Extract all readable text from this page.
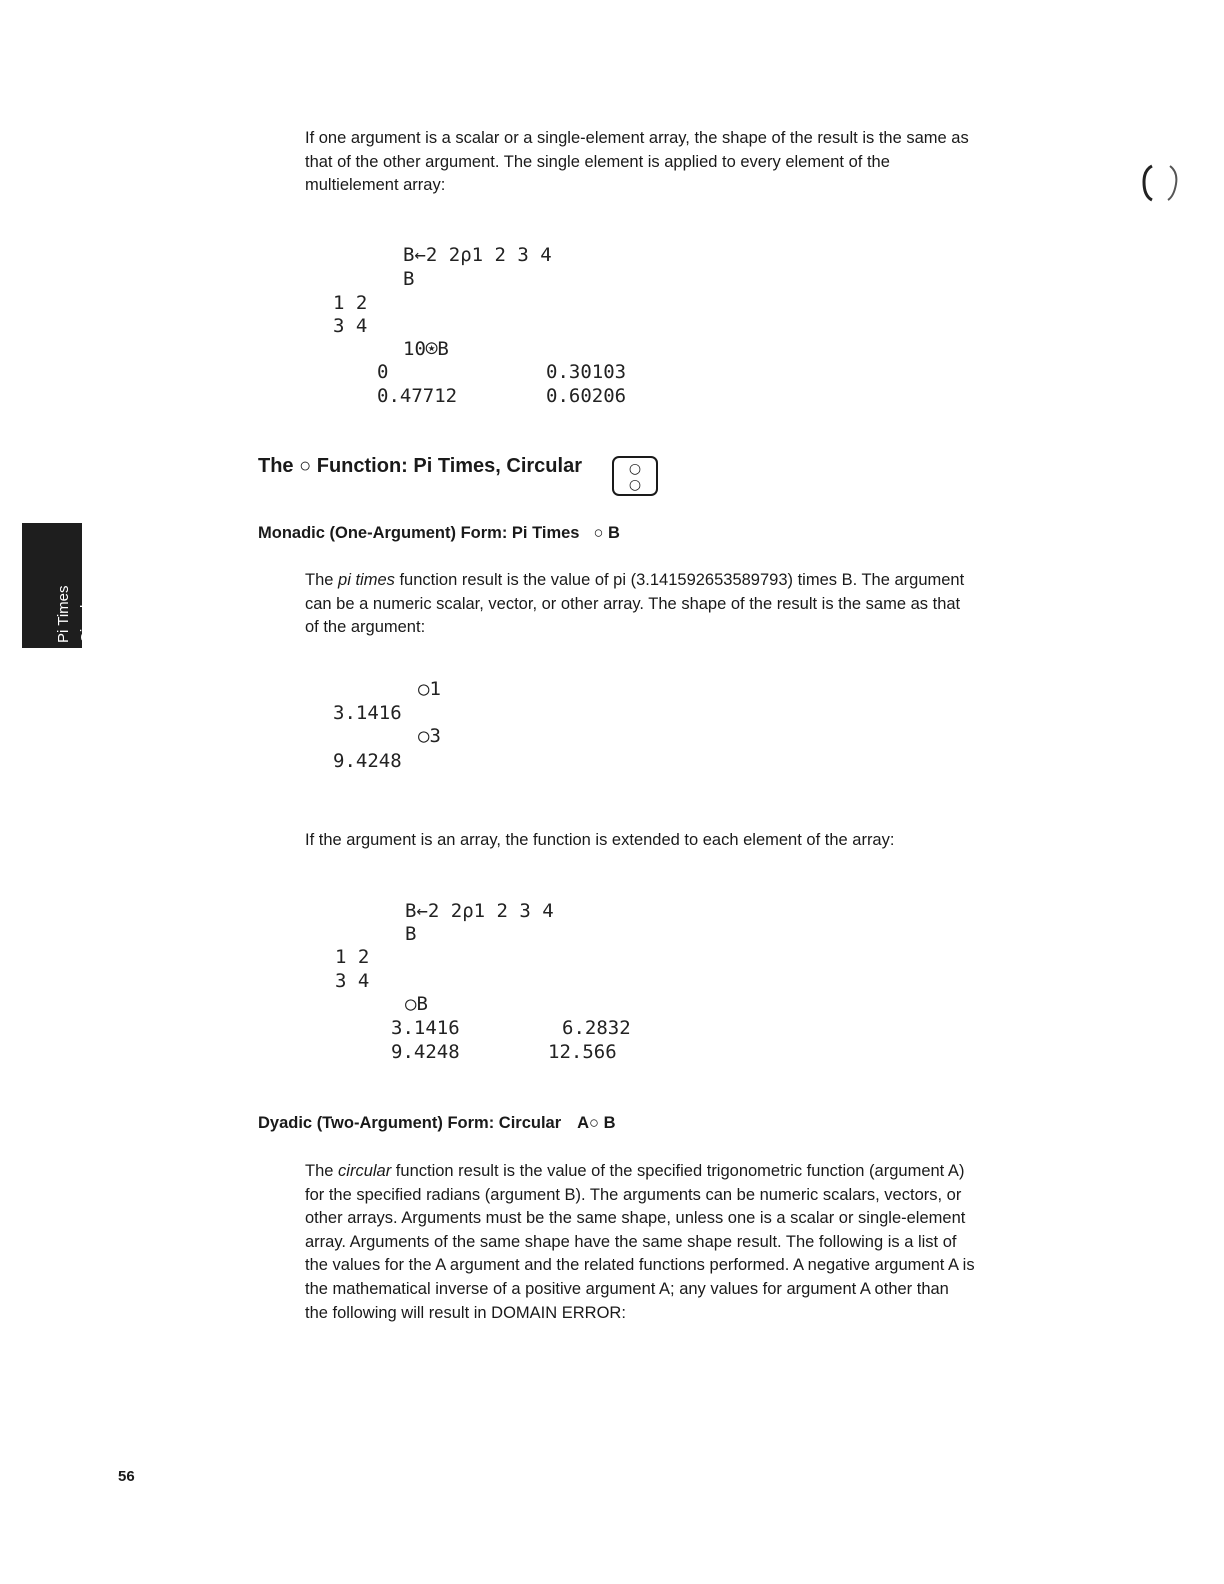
If one argument is a scalar or a single-element array, the shape of the result is the same as that of the other argument. The single element is applied to every element of the multielement array:

B←2 2⍴1 2 3 4
B
1 2
3 4
10⍟B
0	0.30103
0.47712	0.60206
The ○ Function: Pi Times, Circular	○
○
Monadic (One-Argument) Form: Pi Times ○ B

The pi times function result is the value of pi (3.141592653589793) times B. The argument can be a numeric scalar, vector, or other array. The shape of the result is the same as that of the argument:

○1
3.1416
○3
9.4248

If the argument is an array, the function is extended to each element of the array:

B←2 2⍴1 2 3 4
B
1 2
3 4
○B
3.1416	6.2832
9.4248	12.566
Dyadic (Two-Argument) Form: Circular A○ B

The circular function result is the value of the specified trigonometric function (argument A) for the specified radians (argument B). The arguments can be numeric scalars, vectors, or other arrays. Arguments must be the same shape, unless one is a scalar or single-element array. Arguments of the same shape have the same shape result. The following is a list of the values for the A argument and the related functions performed. A negative argument A is the mathematical inverse of a positive argument A; any values for argument A other than the following will result in DOMAIN ERROR:

Pi Times Circular
56
